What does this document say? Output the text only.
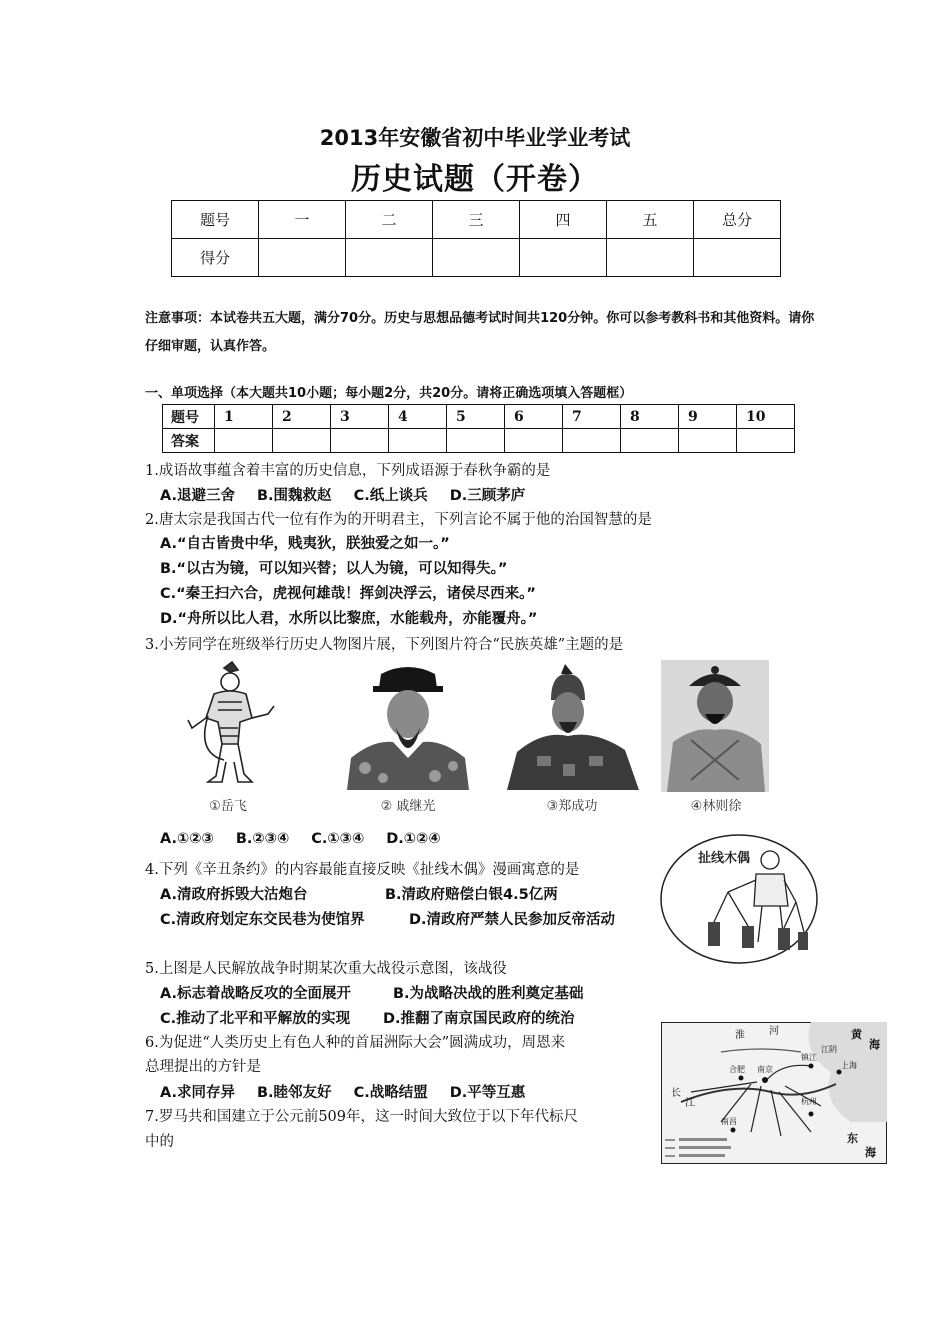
2013年安徽省初中毕业学业考试
历史试题（开卷）
题号	一	二	三	四	五	总分
得分						
注意事项：本试卷共五大题，满分70分。历史与思想品德考试时间共120分钟。你可以参考教科书和其他资料。请你仔细审题，认真作答。
一、单项选择（本大题共10小题；每小题2分，共20分。请将正确选项填入答题框）
题号	1	2	3	4	5	6	7	8	9	10
答案										
1.成语故事蕴含着丰富的历史信息，下列成语源于春秋争霸的是
A.退避三舍 B.围魏救赵 C.纸上谈兵 D.三顾茅庐
2.唐太宗是我国古代一位有作为的开明君主，下列言论不属于他的治国智慧的是
A.“自古皆贵中华，贱夷狄，朕独爱之如一。”
B.“以古为镜，可以知兴替；以人为镜，可以知得失。”
C.“秦王扫六合，虎视何雄哉！挥剑决浮云，诸侯尽西来。”
D.“舟所以比人君，水所以比黎庶，水能载舟，亦能覆舟。”
3.小芳同学在班级举行历史人物图片展，下列图片符合“民族英雄”主题的是
①岳飞	② 戚继光	③郑成功	④林则徐
A.①②③ B.②③④ C.①③④ D.①②④
扯线木偶
4.下列《辛丑条约》的内容最能直接反映《扯线木偶》漫画寓意的是
A.清政府拆毁大沽炮台	B.清政府赔偿白银4.5亿两
C.清政府划定东交民巷为使馆界	D.清政府严禁人民参加反帝活动
5.上图是人民解放战争时期某次重大战役示意图，该战役
A.标志着战略反攻的全面展开	B.为战略决战的胜利奠定基础
C.推动了北平和平解放的实现 D.推翻了南京国民政府的统治
淮 河	黄
海
东
海
合肥 南京
镇江
江阴
上海
杭州
长
江
南昌
6.为促进“人类历史上有色人种的首届洲际大会”圆满成功，周恩来
总理提出的方针是
A.求同存异 B.睦邻友好 C.战略结盟 D.平等互惠
7.罗马共和国建立于公元前509年，这一时间大致位于以下年代标尺
中的
